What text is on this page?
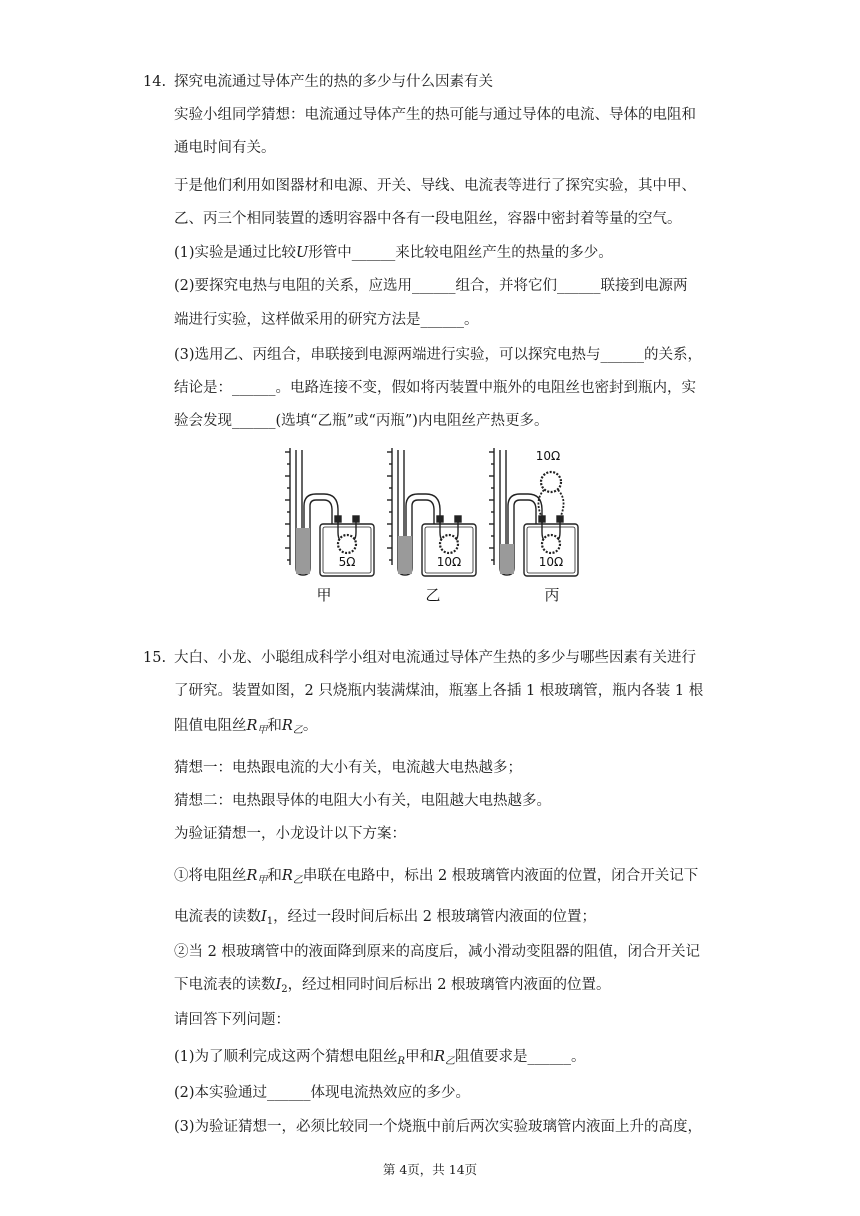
14. 探究电流通过导体产生的热的多少与什么因素有关
实验小组同学猜想：电流通过导体产生的热可能与通过导体的电流、导体的电阻和
通电时间有关。
于是他们利用如图器材和电源、开关、导线、电流表等进行了探究实验，其中甲、
乙、丙三个相同装置的透明容器中各有一段电阻丝，容器中密封着等量的空气。
(1)实验是通过比较U形管中______来比较电阻丝产生的热量的多少。
(2)要探究电热与电阻的关系，应选用______组合，并将它们______联接到电源两
端进行实验，这样做采用的研究方法是______。
(3)选用乙、丙组合，串联接到电源两端进行实验，可以探究电热与______的关系，
结论是：______。电路连接不变，假如将丙装置中瓶外的电阻丝也密封到瓶内，实
验会发现______(选填“乙瓶”或“丙瓶”)内电阻丝产热更多。
5Ω	10Ω	10Ω
10Ω
甲	乙	丙
15. 大白、小龙、小聪组成科学小组对电流通过导体产生热的多少与哪些因素有关进行
了研究。装置如图，2 只烧瓶内装满煤油，瓶塞上各插 1 根玻璃管，瓶内各装 1 根
阻值电阻丝$R_甲$和$R_乙$。
猜想一：电热跟电流的大小有关，电流越大电热越多；
猜想二：电热跟导体的电阻大小有关，电阻越大电热越多。
为验证猜想一，小龙设计以下方案：
①将电阻丝$R_甲$和$R_乙$串联在电路中，标出 2 根玻璃管内液面的位置，闭合开关记下
电流表的读数$I_1$，经过一段时间后标出 2 根玻璃管内液面的位置；
②当 2 根玻璃管中的液面降到原来的高度后，减小滑动变阻器的阻值，闭合开关记
下电流表的读数$I_2$，经过相同时间后标出 2 根玻璃管内液面的位置。
请回答下列问题：
(1)为了顺利完成这两个猜想电阻丝$_R$甲和$R_乙$阻值要求是______。
(2)本实验通过______体现电流热效应的多少。
(3)为验证猜想一，必须比较同一个烧瓶中前后两次实验玻璃管内液面上升的高度，
第 4页，共 14页
